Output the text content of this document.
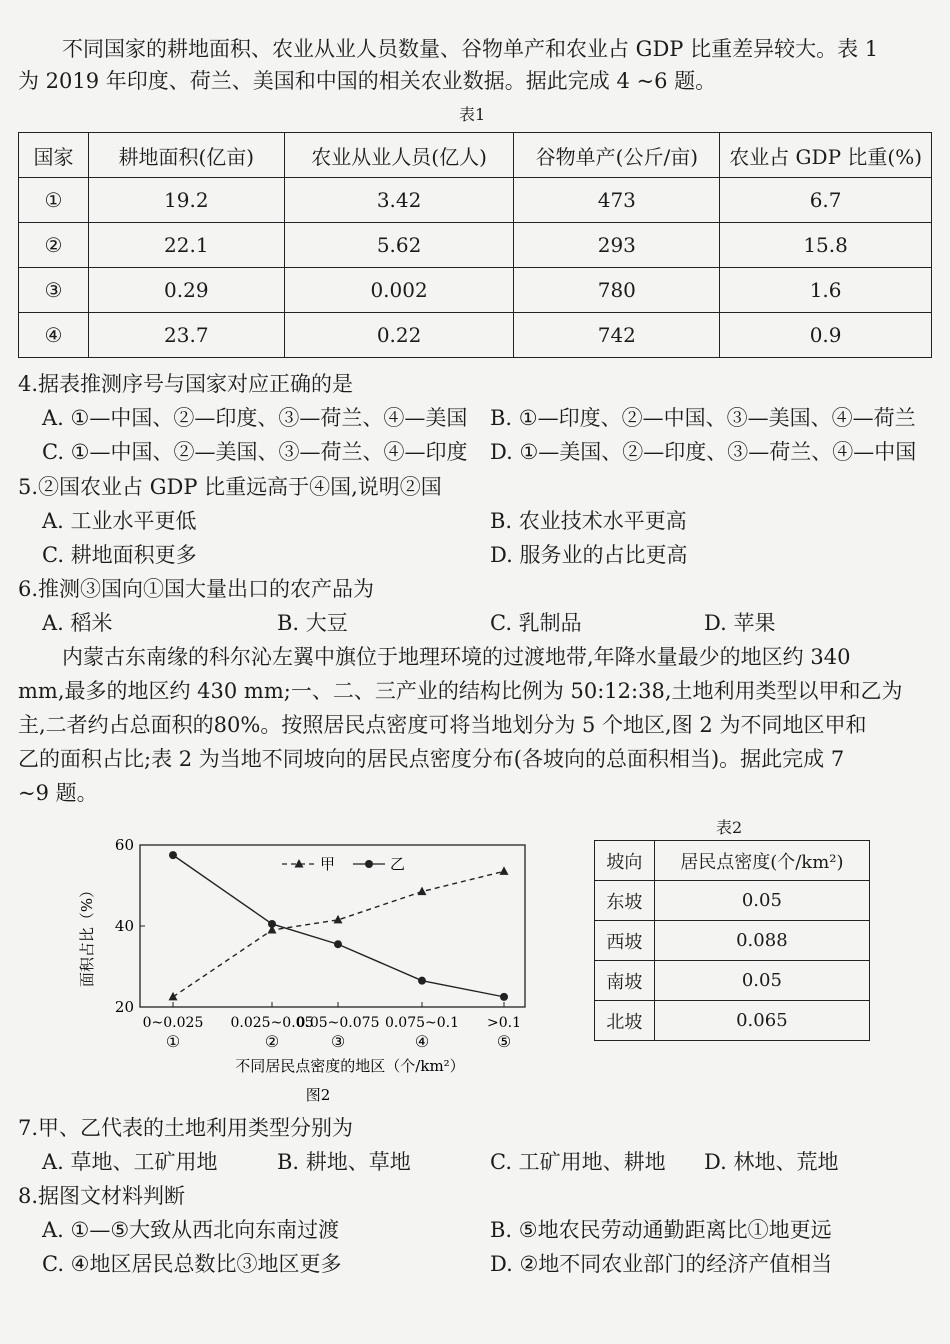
不同国家的耕地面积、农业从业人员数量、谷物单产和农业占 GDP 比重差异较大。表 1
为 2019 年印度、荷兰、美国和中国的相关农业数据。据此完成 4 ~6 题。
表1
国家	耕地面积(亿亩)	农业从业人员(亿人)	谷物单产(公斤/亩)	农业占 GDP 比重(%)
①	19.2	3.42	473	6.7
②	22.1	5.62	293	15.8
③	0.29	0.002	780	1.6
④	23.7	0.22	742	0.9
4.据表推测序号与国家对应正确的是
A. ①—中国、②—印度、③—荷兰、④—美国 B. ①—印度、②—中国、③—美国、④—荷兰
C. ①—中国、②—美国、③—荷兰、④—印度 D. ①—美国、②—印度、③—荷兰、④—中国
5.②国农业占 GDP 比重远高于④国,说明②国
A. 工业水平更低	B. 农业技术水平更高
C. 耕地面积更多	D. 服务业的占比更高
6.推测③国向①国大量出口的农产品为
A. 稻米	B. 大豆	C. 乳制品	D. 苹果
内蒙古东南缘的科尔沁左翼中旗位于地理环境的过渡地带,年降水量最少的地区约 340
mm,最多的地区约 430 mm;一、二、三产业的结构比例为 50:12:38,土地利用类型以甲和乙为
主,二者约占总面积的80%。按照居民点密度可将当地划分为 5 个地区,图 2 为不同地区甲和
乙的面积占比;表 2 为当地不同坡向的居民点密度分布(各坡向的总面积相当)。据此完成 7
~9 题。
20
40
60
0~0.025
①
0.025~0.05
②
0.05~0.075
③
0.075~0.1
④
>0.1
⑤
甲	乙
面积占比（%）
不同居民点密度的地区（个/km²）
图2
表2
坡向	居民点密度(个/km²)
东坡	0.05
西坡	0.088
南坡	0.05
北坡	0.065
7.甲、乙代表的土地利用类型分别为
A. 草地、工矿用地	B. 耕地、草地	C. 工矿用地、耕地 D. 林地、荒地
8.据图文材料判断
A. ①—⑤大致从西北向东南过渡	B. ⑤地农民劳动通勤距离比①地更远
C. ④地区居民总数比③地区更多	D. ②地不同农业部门的经济产值相当
